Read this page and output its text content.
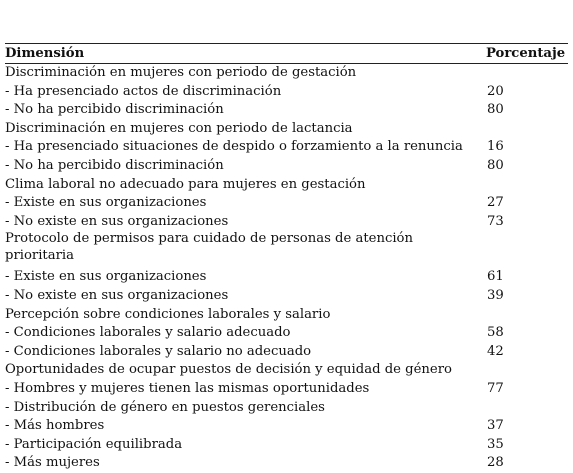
Dimensión	Porcentaje
Discriminación en mujeres con periodo de gestación	
- Ha presenciado actos de discriminación	20
- No ha percibido discriminación	80
Discriminación en mujeres con periodo de lactancia	
- Ha presenciado situaciones de despido o forzamiento a la renuncia	16
- No ha percibido discriminación	80
Clima laboral no adecuado para mujeres en gestación	
- Existe en sus organizaciones	27
- No existe en sus organizaciones	73
Protocolo de permisos para cuidado de personas de atención prioritaria	
- Existe en sus organizaciones	61
- No existe en sus organizaciones	39
Percepción sobre condiciones laborales y salario	
- Condiciones laborales y salario adecuado	58
- Condiciones laborales y salario no adecuado	42
Oportunidades de ocupar puestos de decisión y equidad de género	
- Hombres y mujeres tienen las mismas oportunidades	77
- Distribución de género en puestos gerenciales	
- Más hombres	37
- Participación equilibrada	35
- Más mujeres	28
